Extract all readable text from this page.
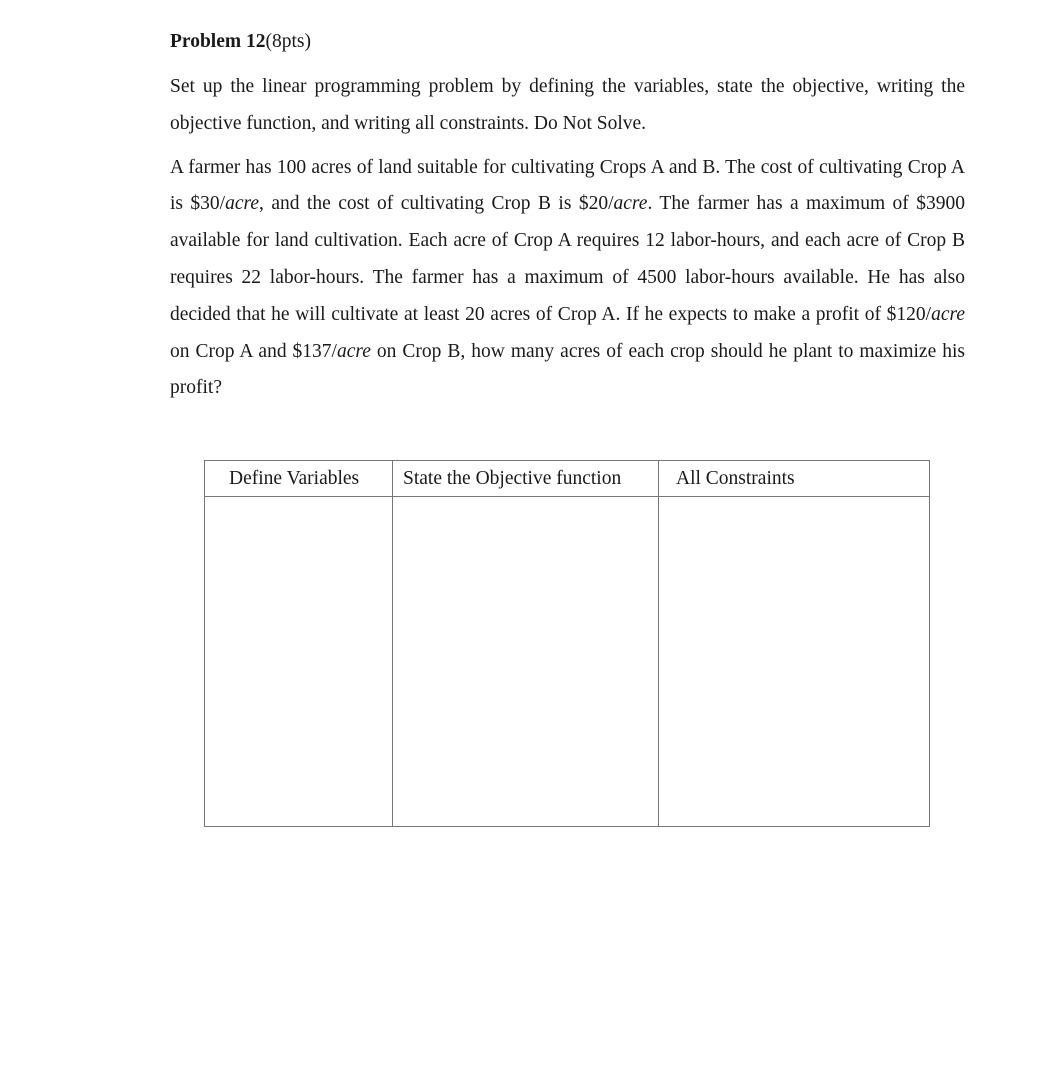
Problem 12(8pts)

Set up the linear programming problem by defining the variables, state the objective, writing the objective function, and writing all constraints. Do Not Solve.

A farmer has 100 acres of land suitable for cultivating Crops A and B. The cost of cultivating Crop A is $30/acre, and the cost of cultivating Crop B is $20/acre. The farmer has a maximum of $3900 available for land cultivation. Each acre of Crop A requires 12 labor-hours, and each acre of Crop B requires 22 labor-hours. The farmer has a maximum of 4500 labor-hours available. He has also decided that he will cultivate at least 20 acres of Crop A. If he expects to make a profit of $120/acre on Crop A and $137/acre on Crop B, how many acres of each crop should he plant to maximize his profit?

Define Variables	State the Objective function	All Constraints
